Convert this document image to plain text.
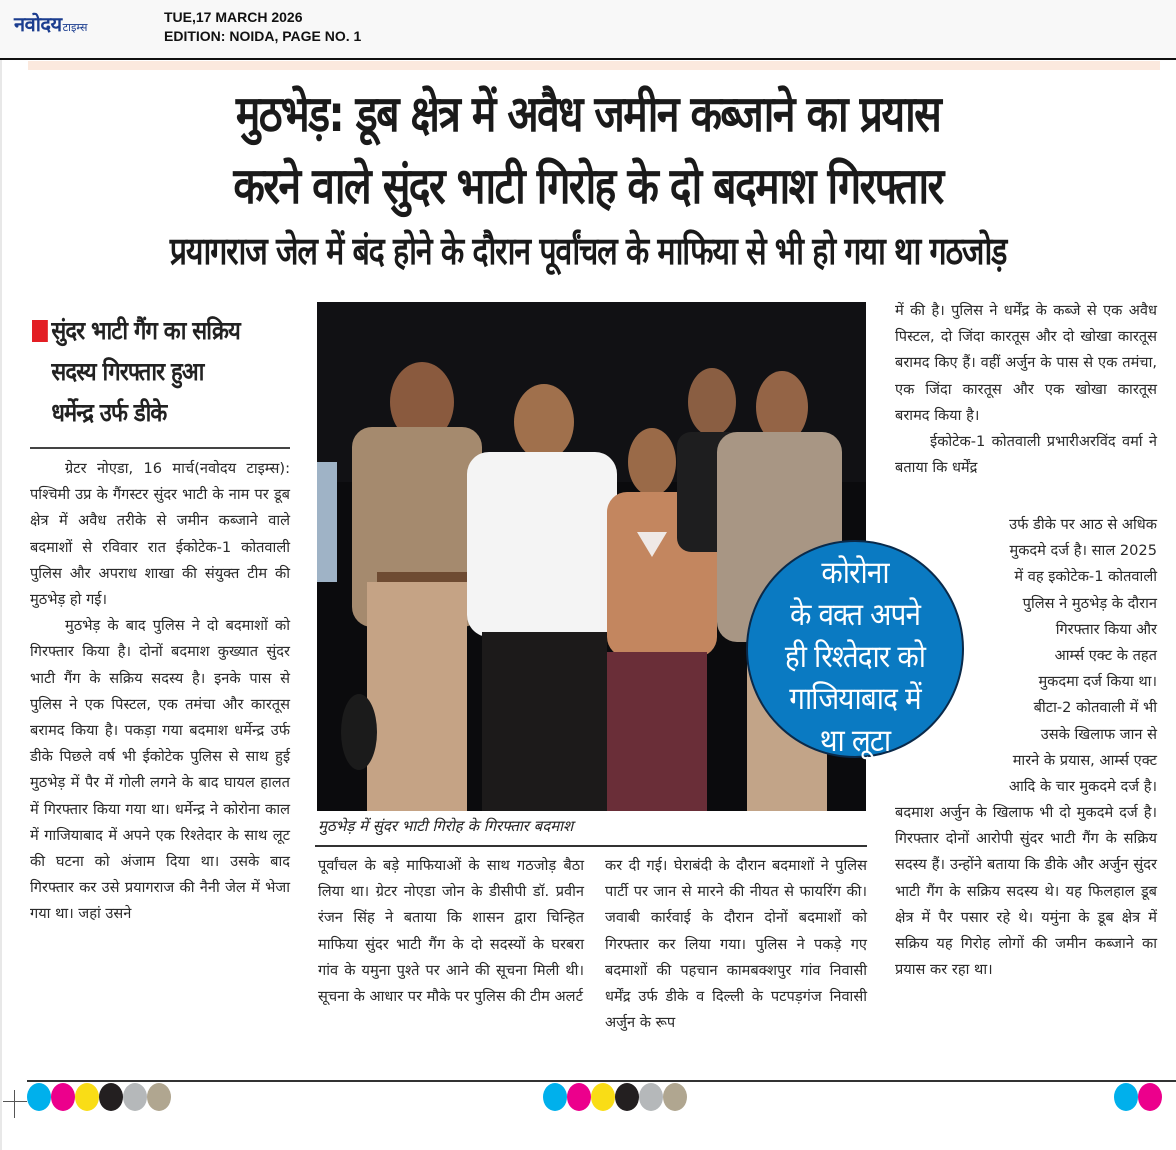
नवोदय टाइम्स
TUE,17 MARCH 2026
EDITION: NOIDA, PAGE NO. 1
मुठभेड़: डूब क्षेत्र में अवैध जमीन कब्जाने का प्रयास
करने वाले सुंदर भाटी गिरोह के दो बदमाश गिरफ्तार
प्रयागराज जेल में बंद होने के दौरान पूर्वांचल के माफिया से भी हो गया था गठजोड़
सुंदर भाटी गैंग का सक्रिय
सदस्य गिरफ्तार हुआ
धर्मेन्द्र उर्फ डीके

ग्रेटर नोएडा, 16 मार्च(नवोदय टाइम्स): पश्चिमी उप्र के गैंगस्टर सुंदर भाटी के नाम पर डूब क्षेत्र में अवैध तरीके से जमीन कब्जाने वाले बदमाशों से रविवार रात ईकोटेक-1 कोतवाली पुलिस और अपराध शाखा की संयुक्त टीम की मुठभेड़ हो गई।

मुठभेड़ के बाद पुलिस ने दो बदमाशों को गिरफ्तार किया है। दोनों बदमाश कुख्यात सुंदर भाटी गैंग के सक्रिय सदस्य है। इनके पास से पुलिस ने एक पिस्टल, एक तमंचा और कारतूस बरामद किया है। पकड़ा गया बदमाश धर्मेन्द्र उर्फ डीके पिछले वर्ष भी ईकोटेक पुलिस से साथ हुई मुठभेड़ में पैर में गोली लगने के बाद घायल हालत में गिरफ्तार किया गया था। धर्मेन्द्र ने कोरोना काल में गाजियाबाद में अपने एक रिश्तेदार के साथ लूट की घटना को अंजाम दिया था। उसके बाद गिरफ्तार कर उसे प्रयागराज की नैनी जेल में भेजा गया था। जहां उसने

मुठभेड़ में सुंदर भाटी गिरोह के गिरफ्तार बदमाश

पूर्वांचल के बड़े माफियाओं के साथ गठजोड़ बैठा लिया था। ग्रेटर नोएडा जोन के डीसीपी डॉ. प्रवीन रंजन सिंह ने बताया कि शासन द्वारा चिन्हित माफिया सुंदर भाटी गैंग के दो सदस्यों के घरबरा गांव के यमुना पुश्ते पर आने की सूचना मिली थी। सूचना के आधार पर मौके पर पुलिस की टीम अलर्ट

कर दी गई। घेराबंदी के दौरान बदमाशों ने पुलिस पार्टी पर जान से मारने की नीयत से फायरिंग की। जवाबी कार्रवाई के दौरान दोनों बदमाशों को गिरफ्तार कर लिया गया। पुलिस ने पकड़े गए बदमाशों की पहचान कामबक्शपुर गांव निवासी धर्मेंद्र उर्फ डीके व दिल्ली के पटपड़गंज निवासी अर्जुन के रूप

में की है। पुलिस ने धर्मेंद्र के कब्जे से एक अवैध पिस्टल, दो जिंदा कारतूस और दो खोखा कारतूस बरामद किए हैं। वहीं अर्जुन के पास से एक तमंचा, एक जिंदा कारतूस और एक खोखा कारतूस बरामद किया है।

ईकोटेक-1 कोतवाली प्रभारीअरविंद वर्मा ने बताया कि धर्मेंद्र

उर्फ डीके पर आठ से अधिक
मुकदमे दर्ज है। साल 2025
में वह इकोटेक-1 कोतवाली
पुलिस ने मुठभेड़ के दौरान
गिरफ्तार किया और
आर्म्स एक्ट के तहत
मुकदमा दर्ज किया था।
बीटा-2 कोतवाली में भी
उसके खिलाफ जान से
मारने के प्रयास, आर्म्स एक्ट
आदि के चार मुकदमे दर्ज है।

बदमाश अर्जुन के खिलाफ भी दो मुकदमे दर्ज है। गिरफ्तार दोनों आरोपी सुंदर भाटी गैंग के सक्रिय सदस्य हैं। उन्होंने बताया कि डीके और अर्जुन सुंदर भाटी गैंग के सक्रिय सदस्य थे। यह फिलहाल डूब क्षेत्र में पैर पसार रहे थे। यमुंना के डूब क्षेत्र में सक्रिय यह गिरोह लोगों की जमीन कब्जाने का प्रयास कर रहा था।

कोरोना
के वक्त अपने
ही रिश्तेदार को
गाजियाबाद में
था लूटा
